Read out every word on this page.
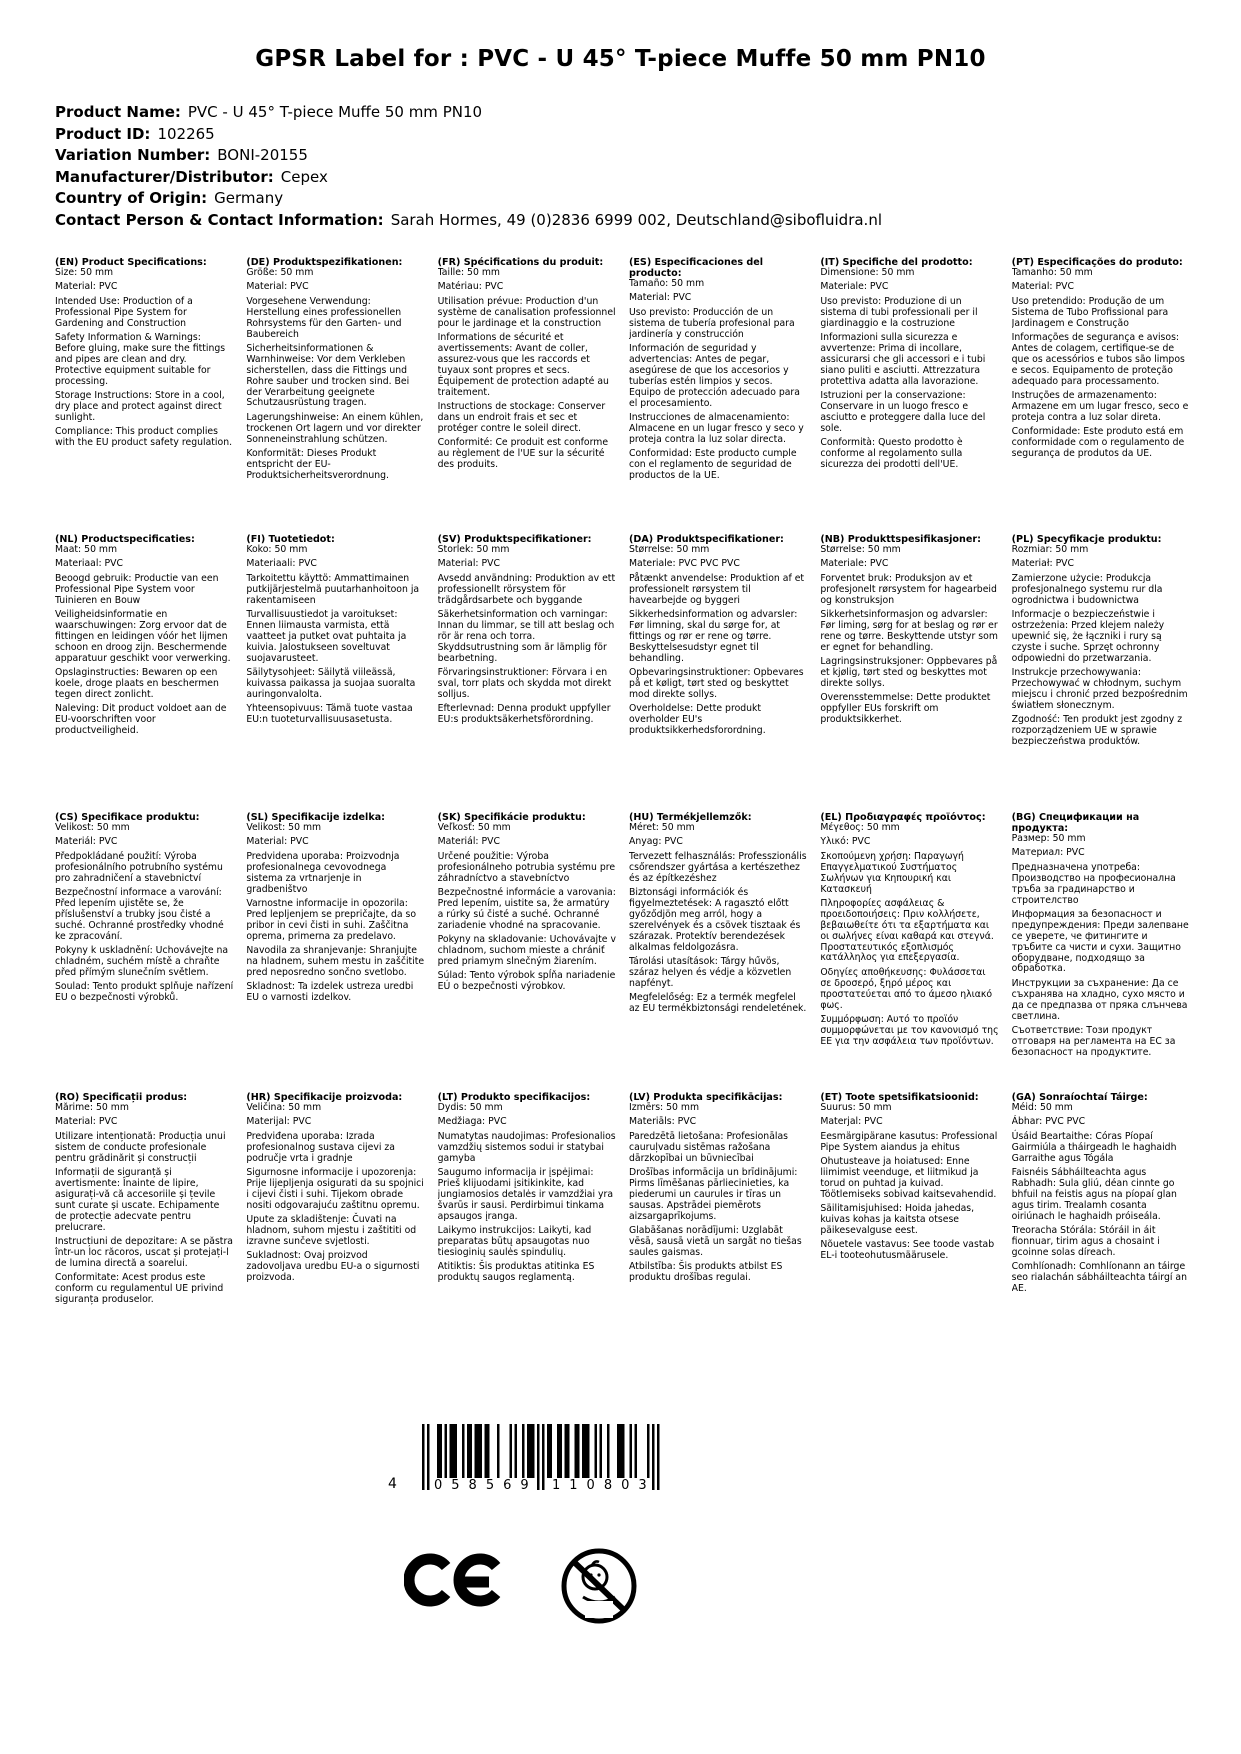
GPSR Label for : PVC - U 45° T-piece Muffe 50 mm PN10
Product Name: PVC - U 45° T-piece Muffe 50 mm PN10
Product ID: 102265
Variation Number: BONI-20155
Manufacturer/Distributor: Cepex
Country of Origin: Germany
Contact Person & Contact Information: Sarah Hormes, 49 (0)2836 6999 002, Deutschland@sibofluidra.nl
(EN) Product Specifications:

Size: 50 mm

Material: PVC

Intended Use: Production of a Professional Pipe System for Gardening and Construction

Safety Information & Warnings: Before gluing, make sure the fittings and pipes are clean and dry. Protective equipment suitable for processing.

Storage Instructions: Store in a cool, dry place and protect against direct sunlight.

Compliance: This product complies with the EU product safety regulation.

(DE) Produktspezifikationen:

Größe: 50 mm

Material: PVC

Vorgesehene Verwendung: Herstellung eines professionellen Rohrsystems für den Garten- und Baubereich

Sicherheitsinformationen & Warnhinweise: Vor dem Verkleben sicherstellen, dass die Fittings und Rohre sauber und trocken sind. Bei der Verarbeitung geeignete Schutzausrüstung tragen.

Lagerungshinweise: An einem kühlen, trockenen Ort lagern und vor direkter Sonneneinstrahlung schützen.

Konformität: Dieses Produkt entspricht der EU-Produktsicherheitsverordnung.

(FR) Spécifications du produit:

Taille: 50 mm

Matériau: PVC

Utilisation prévue: Production d'un système de canalisation professionnel pour le jardinage et la construction

Informations de sécurité et avertissements: Avant de coller, assurez-vous que les raccords et tuyaux sont propres et secs. Équipement de protection adapté au traitement.

Instructions de stockage: Conserver dans un endroit frais et sec et protéger contre le soleil direct.

Conformité: Ce produit est conforme au règlement de l'UE sur la sécurité des produits.

(ES) Especificaciones del producto:

Tamaño: 50 mm

Material: PVC

Uso previsto: Producción de un sistema de tubería profesional para jardinería y construcción

Información de seguridad y advertencias: Antes de pegar, asegúrese de que los accesorios y tuberías estén limpios y secos. Equipo de protección adecuado para el procesamiento.

Instrucciones de almacenamiento: Almacene en un lugar fresco y seco y proteja contra la luz solar directa.

Conformidad: Este producto cumple con el reglamento de seguridad de productos de la UE.

(IT) Specifiche del prodotto:

Dimensione: 50 mm

Materiale: PVC

Uso previsto: Produzione di un sistema di tubi professionali per il giardinaggio e la costruzione

Informazioni sulla sicurezza e avvertenze: Prima di incollare, assicurarsi che gli accessori e i tubi siano puliti e asciutti. Attrezzatura protettiva adatta alla lavorazione.

Istruzioni per la conservazione: Conservare in un luogo fresco e asciutto e proteggere dalla luce del sole.

Conformità: Questo prodotto è conforme al regolamento sulla sicurezza dei prodotti dell'UE.

(PT) Especificações do produto:

Tamanho: 50 mm

Material: PVC

Uso pretendido: Produção de um Sistema de Tubo Profissional para Jardinagem e Construção

Informações de segurança e avisos: Antes de colagem, certifique-se de que os acessórios e tubos são limpos e secos. Equipamento de proteção adequado para processamento.

Instruções de armazenamento: Armazene em um lugar fresco, seco e proteja contra a luz solar direta.

Conformidade: Este produto está em conformidade com o regulamento de segurança de produtos da UE.

(NL) Productspecificaties:

Maat: 50 mm

Materiaal: PVC

Beoogd gebruik: Productie van een Professional Pipe System voor Tuinieren en Bouw

Veiligheidsinformatie en waarschuwingen: Zorg ervoor dat de fittingen en leidingen vóór het lijmen schoon en droog zijn. Beschermende apparatuur geschikt voor verwerking.

Opslaginstructies: Bewaren op een koele, droge plaats en beschermen tegen direct zonlicht.

Naleving: Dit product voldoet aan de EU-voorschriften voor productveiligheid.

(FI) Tuotetiedot:

Koko: 50 mm

Materiaali: PVC

Tarkoitettu käyttö: Ammattimainen putkijärjestelmä puutarhanhoitoon ja rakentamiseen

Turvallisuustiedot ja varoitukset: Ennen liimausta varmista, että vaatteet ja putket ovat puhtaita ja kuivia. Jalostukseen soveltuvat suojavarusteet.

Säilytysohjeet: Säilytä viileässä, kuivassa paikassa ja suojaa suoralta auringonvalolta.

Yhteensopivuus: Tämä tuote vastaa EU:n tuoteturvallisuusasetusta.

(SV) Produktspecifikationer:

Storlek: 50 mm

Material: PVC

Avsedd användning: Produktion av ett professionellt rörsystem för trädgårdsarbete och byggande

Säkerhetsinformation och varningar: Innan du limmar, se till att beslag och rör är rena och torra. Skyddsutrustning som är lämplig för bearbetning.

Förvaringsinstruktioner: Förvara i en sval, torr plats och skydda mot direkt solljus.

Efterlevnad: Denna produkt uppfyller EU:s produktsäkerhetsförordning.

(DA) Produktspecifikationer:

Størrelse: 50 mm

Materiale: PVC PVC PVC

Påtænkt anvendelse: Produktion af et professionelt rørsystem til havearbejde og byggeri

Sikkerhedsinformation og advarsler: Før limning, skal du sørge for, at fittings og rør er rene og tørre. Beskyttelsesudstyr egnet til behandling.

Opbevaringsinstruktioner: Opbevares på et køligt, tørt sted og beskyttet mod direkte sollys.

Overholdelse: Dette produkt overholder EU's produktsikkerhedsforordning.

(NB) Produkttspesifikasjoner:

Størrelse: 50 mm

Materiale: PVC

Forventet bruk: Produksjon av et profesjonelt rørsystem for hagearbeid og konstruksjon

Sikkerhetsinformasjon og advarsler: Før liming, sørg for at beslag og rør er rene og tørre. Beskyttende utstyr som er egnet for behandling.

Lagringsinstruksjoner: Oppbevares på et kjølig, tørt sted og beskyttes mot direkte sollys.

Overensstemmelse: Dette produktet oppfyller EUs forskrift om produktsikkerhet.

(PL) Specyfikacje produktu:

Rozmiar: 50 mm

Materiał: PVC

Zamierzone użycie: Produkcja profesjonalnego systemu rur dla ogrodnictwa i budownictwa

Informacje o bezpieczeństwie i ostrzeżenia: Przed klejem należy upewnić się, że łączniki i rury są czyste i suche. Sprzęt ochronny odpowiedni do przetwarzania.

Instrukcje przechowywania: Przechowywać w chłodnym, suchym miejscu i chronić przed bezpośrednim światłem słonecznym.

Zgodność: Ten produkt jest zgodny z rozporządzeniem UE w sprawie bezpieczeństwa produktów.

(CS) Specifikace produktu:

Velikost: 50 mm

Materiál: PVC

Předpokládané použití: Výroba profesionálního potrubního systému pro zahradničení a stavebnictví

Bezpečnostní informace a varování: Před lepením ujistěte se, že příslušenství a trubky jsou čisté a suché. Ochranné prostředky vhodné ke zpracování.

Pokyny k uskladnění: Uchovávejte na chladném, suchém místě a chraňte před přímým slunečním světlem.

Soulad: Tento produkt splňuje nařízení EU o bezpečnosti výrobků.

(SL) Specifikacije izdelka:

Velikost: 50 mm

Material: PVC

Predvidena uporaba: Proizvodnja profesionalnega cevovodnega sistema za vrtnarjenje in gradbeništvo

Varnostne informacije in opozorila: Pred lepljenjem se prepričajte, da so pribor in cevi čisti in suhi. Zaščitna oprema, primerna za predelavo.

Navodila za shranjevanje: Shranjujte na hladnem, suhem mestu in zaščitite pred neposredno sončno svetlobo.

Skladnost: Ta izdelek ustreza uredbi EU o varnosti izdelkov.

(SK) Špecifikácie produktu:

Veľkosť: 50 mm

Materiál: PVC

Určené použitie: Výroba profesionálneho potrubia systému pre záhradníctvo a stavebníctvo

Bezpečnostné informácie a varovania: Pred lepením, uistite sa, že armatúry a rúrky sú čisté a suché. Ochranné zariadenie vhodné na spracovanie.

Pokyny na skladovanie: Uchovávajte v chladnom, suchom mieste a chrániť pred priamym slnečným žiarením.

Súlad: Tento výrobok spĺňa nariadenie EÚ o bezpečnosti výrobkov.

(HU) Termékjellemzők:

Méret: 50 mm

Anyag: PVC

Tervezett felhasználás: Professzionális csőrendszer gyártása a kertészethez és az építkezéshez

Biztonsági információk és figyelmeztetések: A ragasztó előtt győződjön meg arról, hogy a szerelvények és a csövek tisztaak és szárazak. Protektív berendezések alkalmas feldolgozásra.

Tárolási utasítások: Tárgy hűvös, száraz helyen és védje a közvetlen napfényt.

Megfelelőség: Ez a termék megfelel az EU termékbiztonsági rendeletének.

(EL) Προδιαγραφές προϊόντος:

Μέγεθος: 50 mm

Υλικό: PVC

Σκοπούμενη χρήση: Παραγωγή Επαγγελματικού Συστήματος Σωλήνων για Κηπουρική και Κατασκευή

Πληροφορίες ασφάλειας & προειδοποιήσεις: Πριν κολλήσετε, βεβαιωθείτε ότι τα εξαρτήματα και οι σωλήνες είναι καθαρά και στεγνά. Προστατευτικός εξοπλισμός κατάλληλος για επεξεργασία.

Οδηγίες αποθήκευσης: Φυλάσσεται σε δροσερό, ξηρό μέρος και προστατεύεται από το άμεσο ηλιακό φως.

Συμμόρφωση: Αυτό το προϊόν συμμορφώνεται με τον κανονισμό της ΕΕ για την ασφάλεια των προϊόντων.

(BG) Спецификации на продукта:

Размер: 50 mm

Материал: PVC

Предназначена употреба: Производство на професионална тръба за градинарство и строителство

Информация за безопасност и предупреждения: Преди залепване се уверете, че фитингите и тръбите са чисти и сухи. Защитно оборудване, подходящо за обработка.

Инструкции за съхранение: Да се съхранява на хладно, сухо място и да се предпазва от пряка слънчева светлина.

Съответствие: Този продукт отговаря на регламента на ЕС за безопасност на продуктите.

(RO) Specificații produs:

Mărime: 50 mm

Material: PVC

Utilizare intenționată: Producția unui sistem de conducte profesionale pentru grădinărit și construcții

Informații de siguranță și avertismente: Înainte de lipire, asigurați-vă că accesoriile și țevile sunt curate și uscate. Echipamente de protecție adecvate pentru prelucrare.

Instrucțiuni de depozitare: A se păstra într-un loc răcoros, uscat și protejați-l de lumina directă a soarelui.

Conformitate: Acest produs este conform cu regulamentul UE privind siguranța produselor.

(HR) Specifikacije proizvoda:

Veličina: 50 mm

Materijal: PVC

Predviđena uporaba: Izrada profesionalnog sustava cijevi za područje vrta i gradnje

Sigurnosne informacije i upozorenja: Prije lijepljenja osigurati da su spojnici i cijevi čisti i suhi. Tijekom obrade nositi odgovarajuću zaštitnu opremu.

Upute za skladištenje: Čuvati na hladnom, suhom mjestu i zaštititi od izravne sunčeve svjetlosti.

Sukladnost: Ovaj proizvod zadovoljava uredbu EU-a o sigurnosti proizvoda.

(LT) Produkto specifikacijos:

Dydis: 50 mm

Medžiaga: PVC

Numatytas naudojimas: Profesionalios vamzdžių sistemos sodui ir statybai gamyba

Saugumo informacija ir įspėjimai: Prieš klijuodami įsitikinkite, kad jungiamosios detalės ir vamzdžiai yra švarūs ir sausi. Perdirbimui tinkama apsaugos įranga.

Laikymo instrukcijos: Laikyti, kad preparatas būtų apsaugotas nuo tiesioginių saulės spindulių.

Atitiktis: Šis produktas atitinka ES produktų saugos reglamentą.

(LV) Produkta specifikācijas:

Izmērs: 50 mm

Materiāls: PVC

Paredzētā lietošana: Profesionālas cauruļvadu sistēmas ražošana dārzkopībai un būvniecībai

Drošības informācija un brīdinājumi: Pirms līmēšanas pārliecinieties, ka piederumi un caurules ir tīras un sausas. Apstrādei piemērots aizsargaprīkojums.

Glabāšanas norādījumi: Uzglabāt vēsā, sausā vietā un sargāt no tiešas saules gaismas.

Atbilstība: Šis produkts atbilst ES produktu drošības regulai.

(ET) Toote spetsifikatsioonid:

Suurus: 50 mm

Materjal: PVC

Eesmärgipärane kasutus: Professional Pipe System aiandus ja ehitus

Ohutusteave ja hoiatused: Enne liimimist veenduge, et liitmikud ja torud on puhtad ja kuivad. Töötlemiseks sobivad kaitsevahendid.

Säilitamisjuhised: Hoida jahedas, kuivas kohas ja kaitsta otsese päikesevalguse eest.

Nõuetele vastavus: See toode vastab EL-i tooteohutusmäärusele.

(GA) Sonraíochtaí Táirge:

Méid: 50 mm

Ábhar: PVC PVC

Úsáid Beartaithe: Córas Píopaí Gairmiúla a tháirgeadh le haghaidh Garraithe agus Tógála

Faisnéis Sábháilteachta agus Rabhadh: Sula gliú, déan cinnte go bhfuil na feistis agus na píopaí glan agus tirim. Trealamh cosanta oiriúnach le haghaidh próiseála.

Treoracha Stórála: Stóráil in áit fionnuar, tirim agus a chosaint i gcoinne solas díreach.

Comhlíonadh: Comhlíonann an táirge seo rialachán sábháilteachta táirgí an AE.

4	058569 110803
